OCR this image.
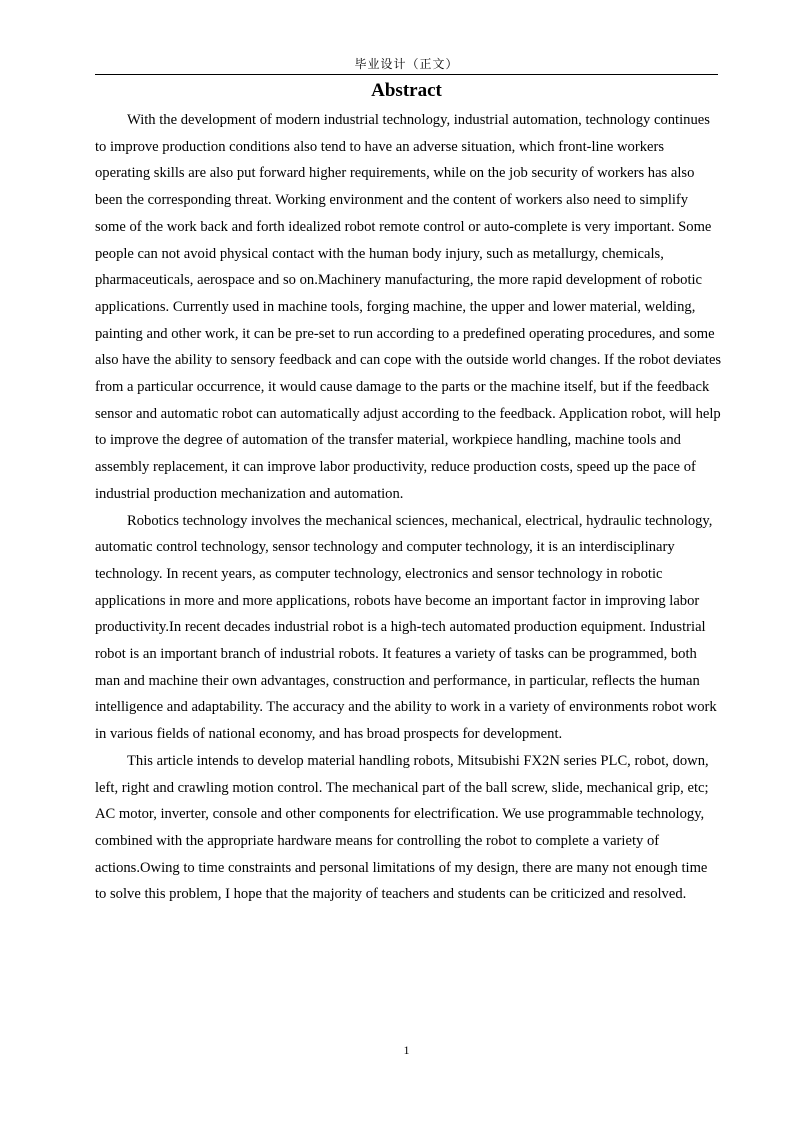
毕业设计（正文）
Abstract

With the development of modern industrial technology, industrial automation, technology continues to improve production conditions also tend to have an adverse situation, which front-line workers operating skills are also put forward higher requirements, while on the job security of workers has also been the corresponding threat. Working environment and the content of workers also need to simplify some of the work back and forth idealized robot remote control or auto-complete is very important. Some people can not avoid physical contact with the human body injury, such as metallurgy, chemicals, pharmaceuticals, aerospace and so on.Machinery manufacturing, the more rapid development of robotic applications. Currently used in machine tools, forging machine, the upper and lower material, welding, painting and other work, it can be pre-set to run according to a predefined operating procedures, and some also have the ability to sensory feedback and can cope with the outside world changes. If the robot deviates from a particular occurrence, it would cause damage to the parts or the machine itself, but if the feedback sensor and automatic robot can automatically adjust according to the feedback. Application robot, will help to improve the degree of automation of the transfer material, workpiece handling, machine tools and assembly replacement, it can improve labor productivity, reduce production costs, speed up the pace of industrial production mechanization and automation.

Robotics technology involves the mechanical sciences, mechanical, electrical, hydraulic technology, automatic control technology, sensor technology and computer technology, it is an interdisciplinary technology. In recent years, as computer technology, electronics and sensor technology in robotic applications in more and more applications, robots have become an important factor in improving labor productivity.In recent decades industrial robot is a high-tech automated production equipment. Industrial robot is an important branch of industrial robots. It features a variety of tasks can be programmed, both man and machine their own advantages, construction and performance, in particular, reflects the human intelligence and adaptability. The accuracy and the ability to work in a variety of environments robot work in various fields of national economy, and has broad prospects for development.

This article intends to develop material handling robots, Mitsubishi FX2N series PLC, robot, down, left, right and crawling motion control. The mechanical part of the ball screw, slide, mechanical grip, etc; AC motor, inverter, console and other components for electrification. We use programmable technology, combined with the appropriate hardware means for controlling the robot to complete a variety of actions.Owing to time constraints and personal limitations of my design, there are many not enough time to solve this problem, I hope that the majority of teachers and students can be criticized and resolved.

1
